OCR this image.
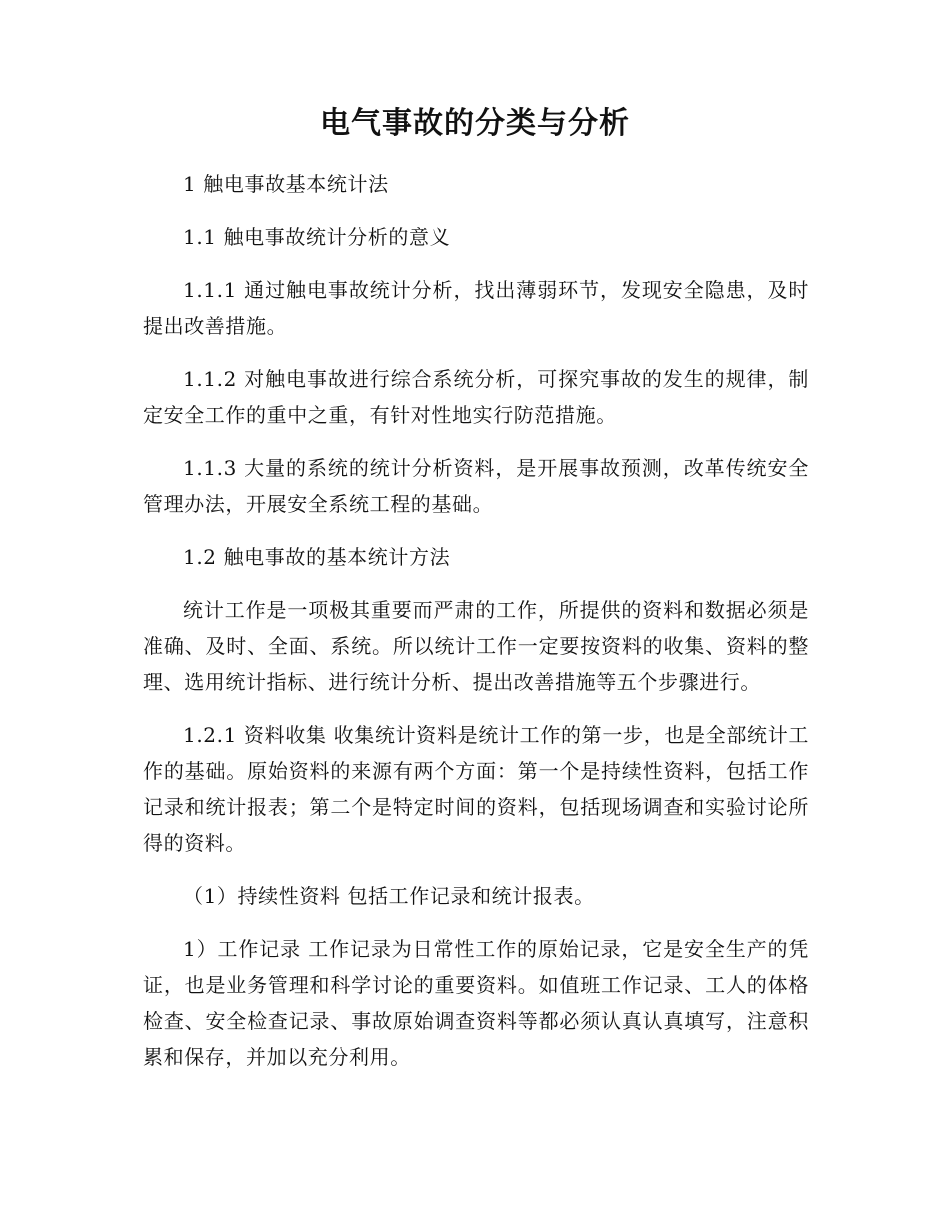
电气事故的分类与分析

1 触电事故基本统计法

1.1 触电事故统计分析的意义

1.1.1 通过触电事故统计分析，找出薄弱环节，发现安全隐患，及时提出改善措施。

1.1.2 对触电事故进行综合系统分析，可探究事故的发生的规律，制定安全工作的重中之重，有针对性地实行防范措施。

1.1.3 大量的系统的统计分析资料，是开展事故预测，改革传统安全管理办法，开展安全系统工程的基础。

1.2 触电事故的基本统计方法

统计工作是一项极其重要而严肃的工作，所提供的资料和数据必须是准确、及时、全面、系统。所以统计工作一定要按资料的收集、资料的整理、选用统计指标、进行统计分析、提出改善措施等五个步骤进行。

1.2.1 资料收集 收集统计资料是统计工作的第一步，也是全部统计工作的基础。原始资料的来源有两个方面：第一个是持续性资料，包括工作记录和统计报表；第二个是特定时间的资料，包括现场调查和实验讨论所得的资料。

（1）持续性资料 包括工作记录和统计报表。

1）工作记录 工作记录为日常性工作的原始记录，它是安全生产的凭证，也是业务管理和科学讨论的重要资料。如值班工作记录、工人的体格检查、安全检查记录、事故原始调查资料等都必须认真认真填写，注意积累和保存，并加以充分利用。
